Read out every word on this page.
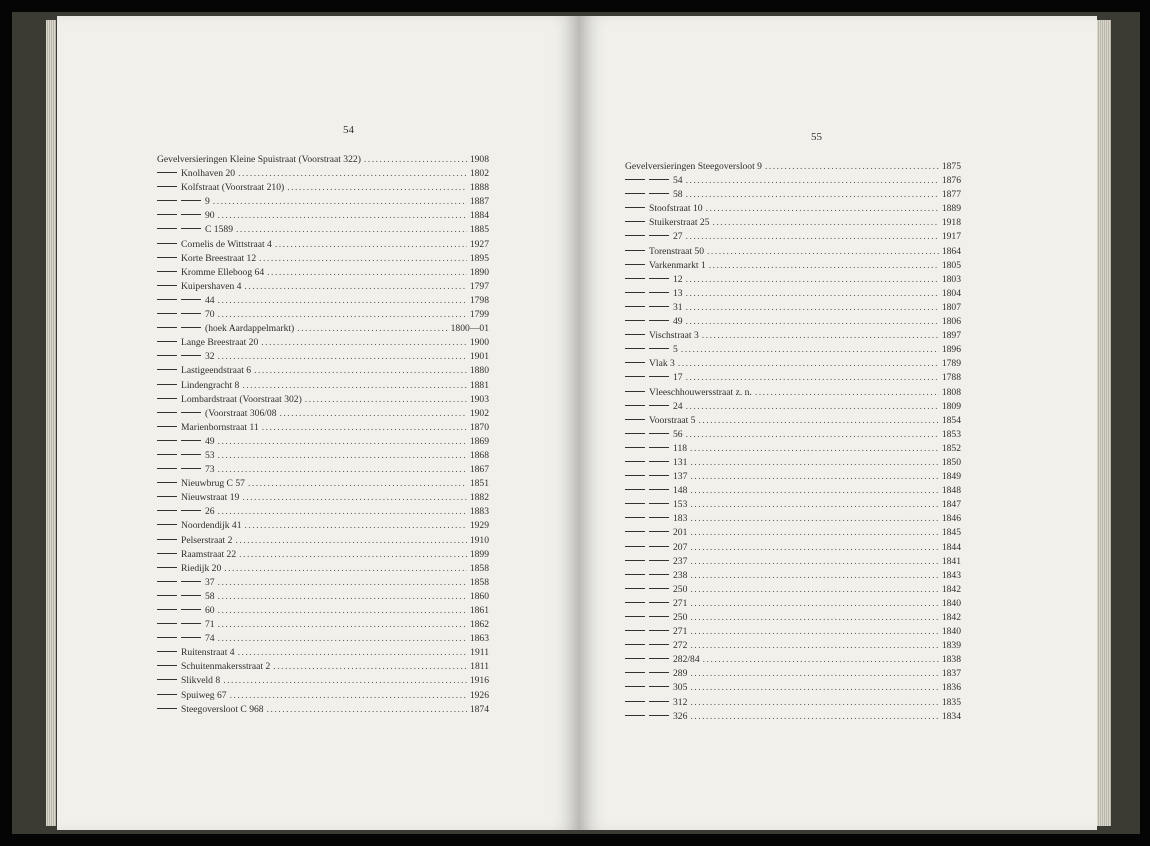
54
Gevelversieringen Kleine Spuistraat (Voorstraat 322) .....	1908
Knolhaven 20 .....	1802
Kolfstraat (Voorstraat 210) .....	1888
9 .....	1887
90 .....	1884
C 1589 .....	1885
Cornelis de Wittstraat 4 .....	1927
Korte Breestraat 12 .....	1895
Kromme Elleboog 64 .....	1890
Kuipershaven 4 .....	1797
44 .....	1798
70 .....	1799
(hoek Aardappelmarkt) .....	1800—01
Lange Breestraat 20 .....	1900
32 .....	1901
Lastigeendstraat 6 .....	1880
Lindengracht 8 .....	1881
Lombardstraat (Voorstraat 302) .....	1903
(Voorstraat 306/08 .....	1902
Marienbornstraat 11 .....	1870
49 .....	1869
53 .....	1868
73 .....	1867
Nieuwbrug C 57 .....	1851
Nieuwstraat 19 .....	1882
26 .....	1883
Noordendijk 41 .....	1929
Pelserstraat 2 .....	1910
Raamstraat 22 .....	1899
Riedijk 20 .....	1858
37 .....	1858
58 .....	1860
60 .....	1861
71 .....	1862
74 .....	1863
Ruitenstraat 4 .....	1911
Schuitenmakersstraat 2 .....	1811
Slikveld 8 .....	1916
Spuiweg 67 .....	1926
Steegoversloot C 968 .....	1874
55
Gevelversieringen Steegoversloot 9 .....	1875
54 .....	1876
58 .....	1877
Stoofstraat 10 .....	1889
Stuikerstraat 25 .....	1918
27 .....	1917
Torenstraat 50 .....	1864
Varkenmarkt 1 .....	1805
12 .....	1803
13 .....	1804
31 .....	1807
49 .....	1806
Vischstraat 3 .....	1897
5 .....	1896
Vlak 3 .....	1789
17 .....	1788
Vleeschhouwersstraat z. n. .....	1808
24 .....	1809
Voorstraat 5 .....	1854
56 .....	1853
118 .....	1852
131 .....	1850
137 .....	1849
148 .....	1848
153 .....	1847
183 .....	1846
201 .....	1845
207 .....	1844
237 .....	1841
238 .....	1843
250 .....	1842
271 .....	1840
250 .....	1842
271 .....	1840
272 .....	1839
282/84 .....	1838
289 .....	1837
305 .....	1836
312 .....	1835
326 .....	1834
